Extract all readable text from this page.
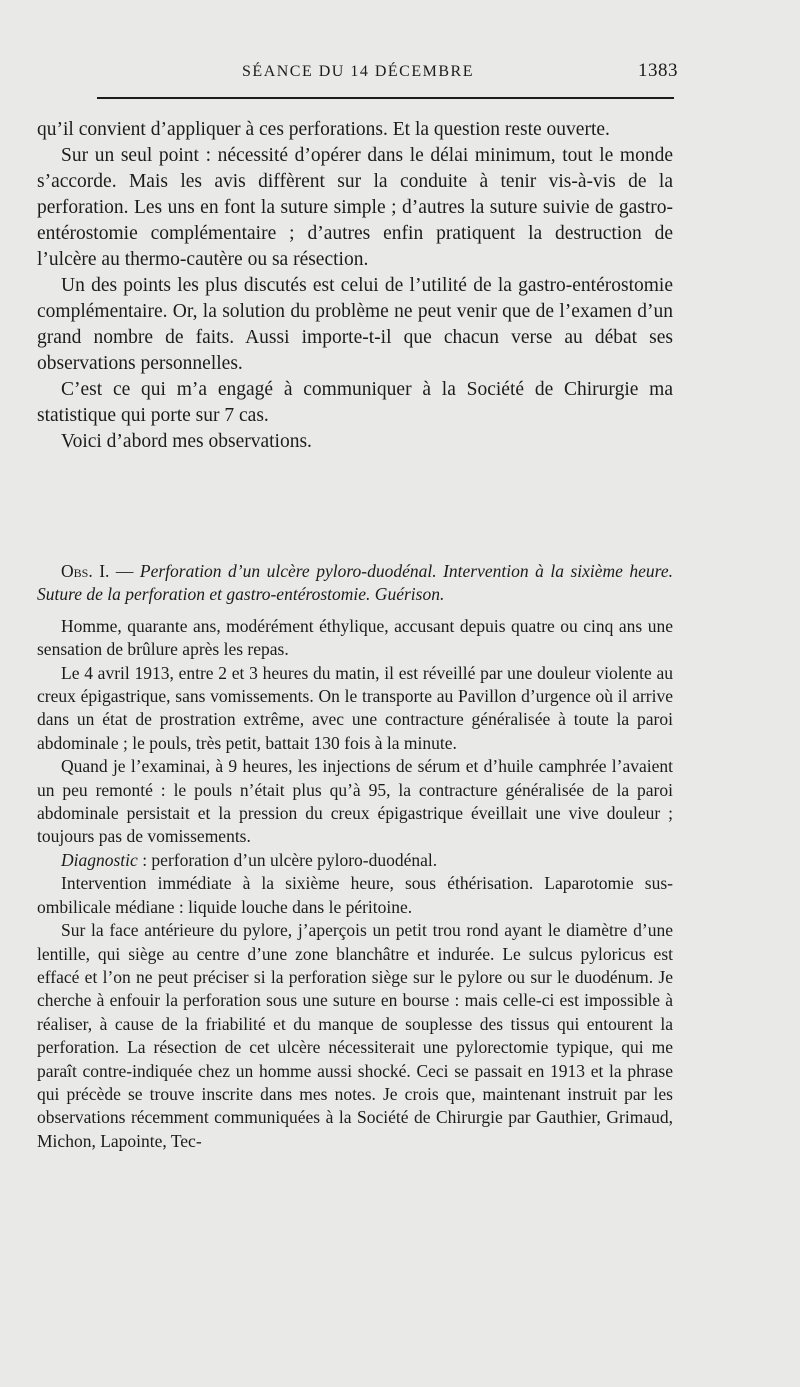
SÉANCE DU 14 DÉCEMBRE	1383

qu’il convient d’appliquer à ces perforations. Et la question reste ouverte.

Sur un seul point : nécessité d’opérer dans le délai minimum, tout le monde s’accorde. Mais les avis diffèrent sur la conduite à tenir vis-à-vis de la perforation. Les uns en font la suture simple ; d’autres la suture suivie de gastro-entérostomie complémentaire ; d’autres enfin pratiquent la destruction de l’ulcère au thermo-cautère ou sa résection.

Un des points les plus discutés est celui de l’utilité de la gastro-entérostomie complémentaire. Or, la solution du problème ne peut venir que de l’examen d’un grand nombre de faits. Aussi importe-t-il que chacun verse au débat ses observations personnelles.

C’est ce qui m’a engagé à communiquer à la Société de Chirurgie ma statistique qui porte sur 7 cas.

Voici d’abord mes observations.

Obs. I. — Perforation d’un ulcère pyloro-duodénal. Intervention à la sixième heure. Suture de la perforation et gastro-entérostomie. Guérison.

Homme, quarante ans, modérément éthylique, accusant depuis quatre ou cinq ans une sensation de brûlure après les repas.

Le 4 avril 1913, entre 2 et 3 heures du matin, il est réveillé par une douleur violente au creux épigastrique, sans vomissements. On le transporte au Pavillon d’urgence où il arrive dans un état de prostration extrême, avec une contracture généralisée à toute la paroi abdominale ; le pouls, très petit, battait 130 fois à la minute.

Quand je l’examinai, à 9 heures, les injections de sérum et d’huile camphrée l’avaient un peu remonté : le pouls n’était plus qu’à 95, la contracture généralisée de la paroi abdominale persistait et la pression du creux épigastrique éveillait une vive douleur ; toujours pas de vomissements.

Diagnostic : perforation d’un ulcère pyloro-duodénal.

Intervention immédiate à la sixième heure, sous éthérisation. Laparotomie sus-ombilicale médiane : liquide louche dans le péritoine.

Sur la face antérieure du pylore, j’aperçois un petit trou rond ayant le diamètre d’une lentille, qui siège au centre d’une zone blanchâtre et indurée. Le sulcus pyloricus est effacé et l’on ne peut préciser si la perforation siège sur le pylore ou sur le duodénum. Je cherche à enfouir la perforation sous une suture en bourse : mais celle-ci est impossible à réaliser, à cause de la friabilité et du manque de souplesse des tissus qui entourent la perforation. La résection de cet ulcère nécessiterait une pylorectomie typique, qui me paraît contre-indiquée chez un homme aussi shocké. Ceci se passait en 1913 et la phrase qui précède se trouve inscrite dans mes notes. Je crois que, maintenant instruit par les observations récemment communiquées à la Société de Chirurgie par Gauthier, Grimaud, Michon, Lapointe, Tec-
